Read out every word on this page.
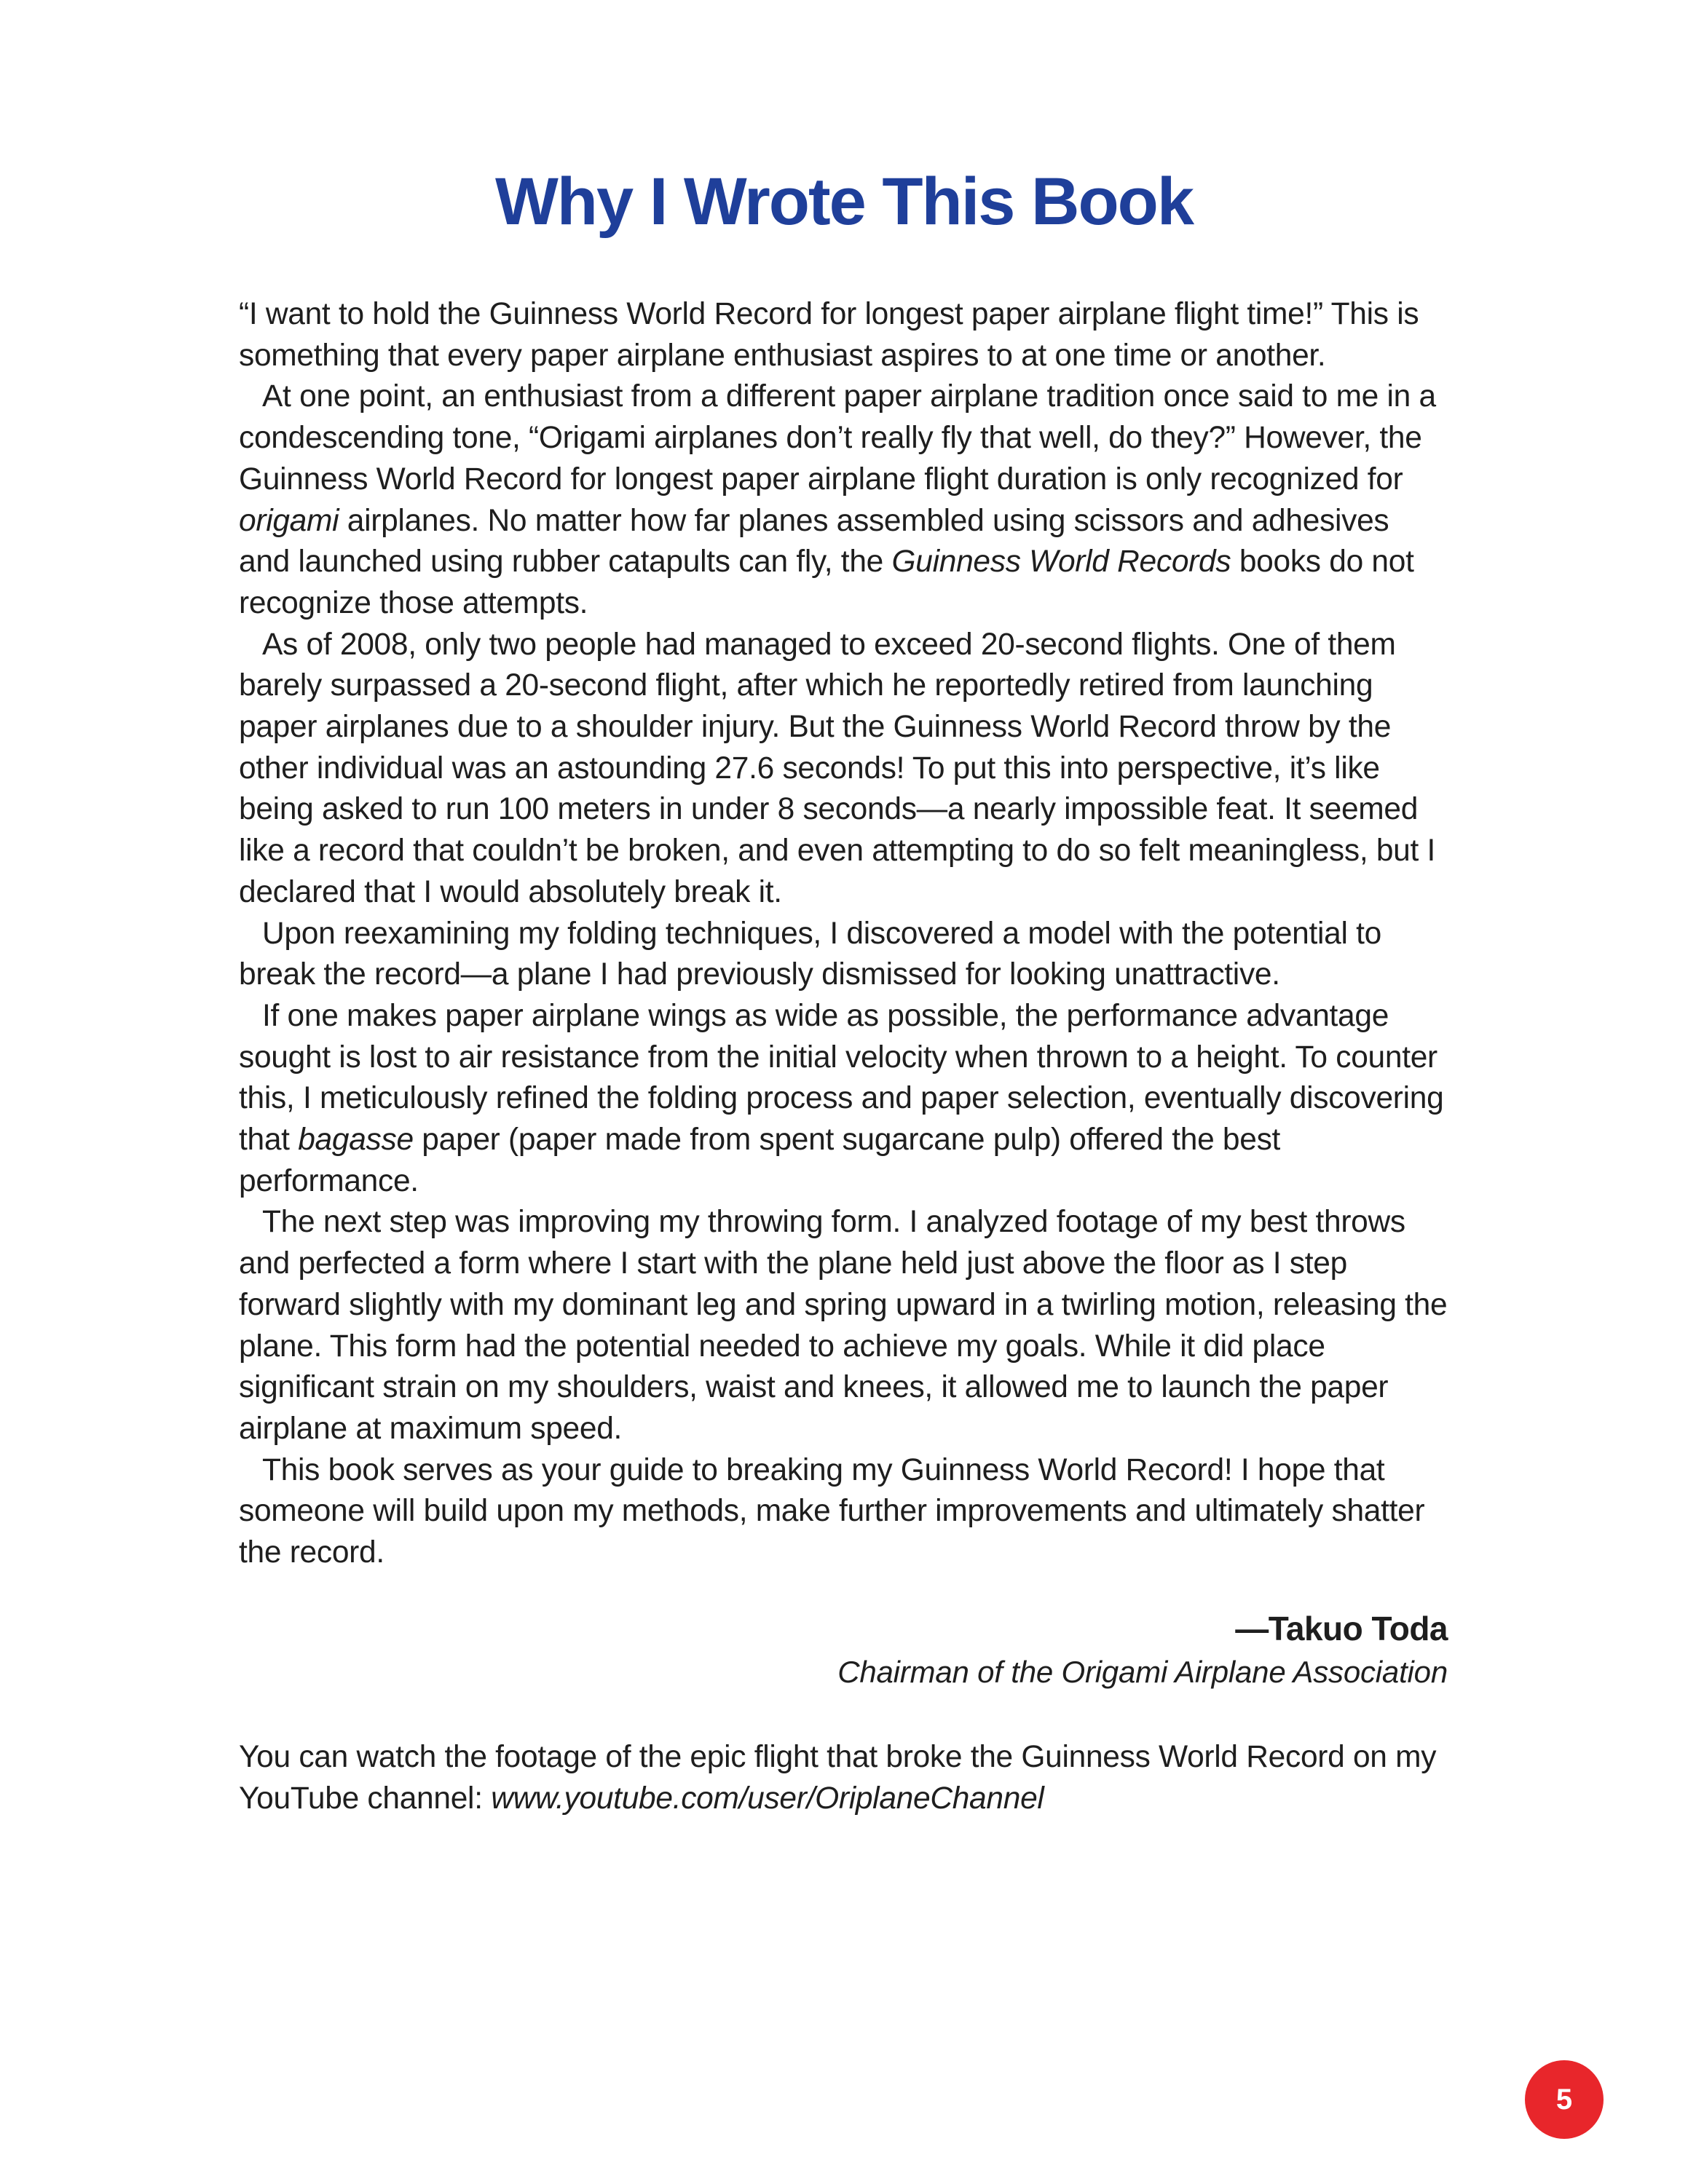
Why I Wrote This Book

“I want to hold the Guinness World Record for longest paper airplane flight time!” This is something that every paper airplane enthusiast aspires to at one time or another.

At one point, an enthusiast from a different paper airplane tradition once said to me in a condescending tone, “Origami airplanes don’t really fly that well, do they?” However, the Guinness World Record for longest paper airplane flight duration is only recognized for origami airplanes. No matter how far planes assembled using scissors and adhesives and launched using rubber catapults can fly, the Guinness World Records books do not recognize those attempts.

As of 2008, only two people had managed to exceed 20-second flights. One of them barely surpassed a 20-second flight, after which he reportedly retired from launching paper airplanes due to a shoulder injury. But the Guinness World Record throw by the other individual was an astounding 27.6 seconds! To put this into perspective, it’s like being asked to run 100 meters in under 8 seconds—a nearly impossible feat. It seemed like a record that couldn’t be broken, and even attempting to do so felt meaningless, but I declared that I would absolutely break it.

Upon reexamining my folding techniques, I discovered a model with the potential to break the record—a plane I had previously dismissed for looking unattractive.

If one makes paper airplane wings as wide as possible, the performance advantage sought is lost to air resistance from the initial velocity when thrown to a height. To counter this, I meticulously refined the folding process and paper selection, eventually discovering that bagasse paper (paper made from spent sugarcane pulp) offered the best performance.

The next step was improving my throwing form. I analyzed footage of my best throws and perfected a form where I start with the plane held just above the floor as I step forward slightly with my dominant leg and spring upward in a twirling motion, releasing the plane. This form had the potential needed to achieve my goals. While it did place significant strain on my shoulders, waist and knees, it allowed me to launch the paper airplane at maximum speed.

This book serves as your guide to breaking my Guinness World Record! I hope that someone will build upon my methods, make further improvements and ultimately shatter the record.

—Takuo Toda
Chairman of the Origami Airplane Association
You can watch the footage of the epic flight that broke the Guinness World Record on my YouTube channel: www.youtube.com/user/OriplaneChannel
5
